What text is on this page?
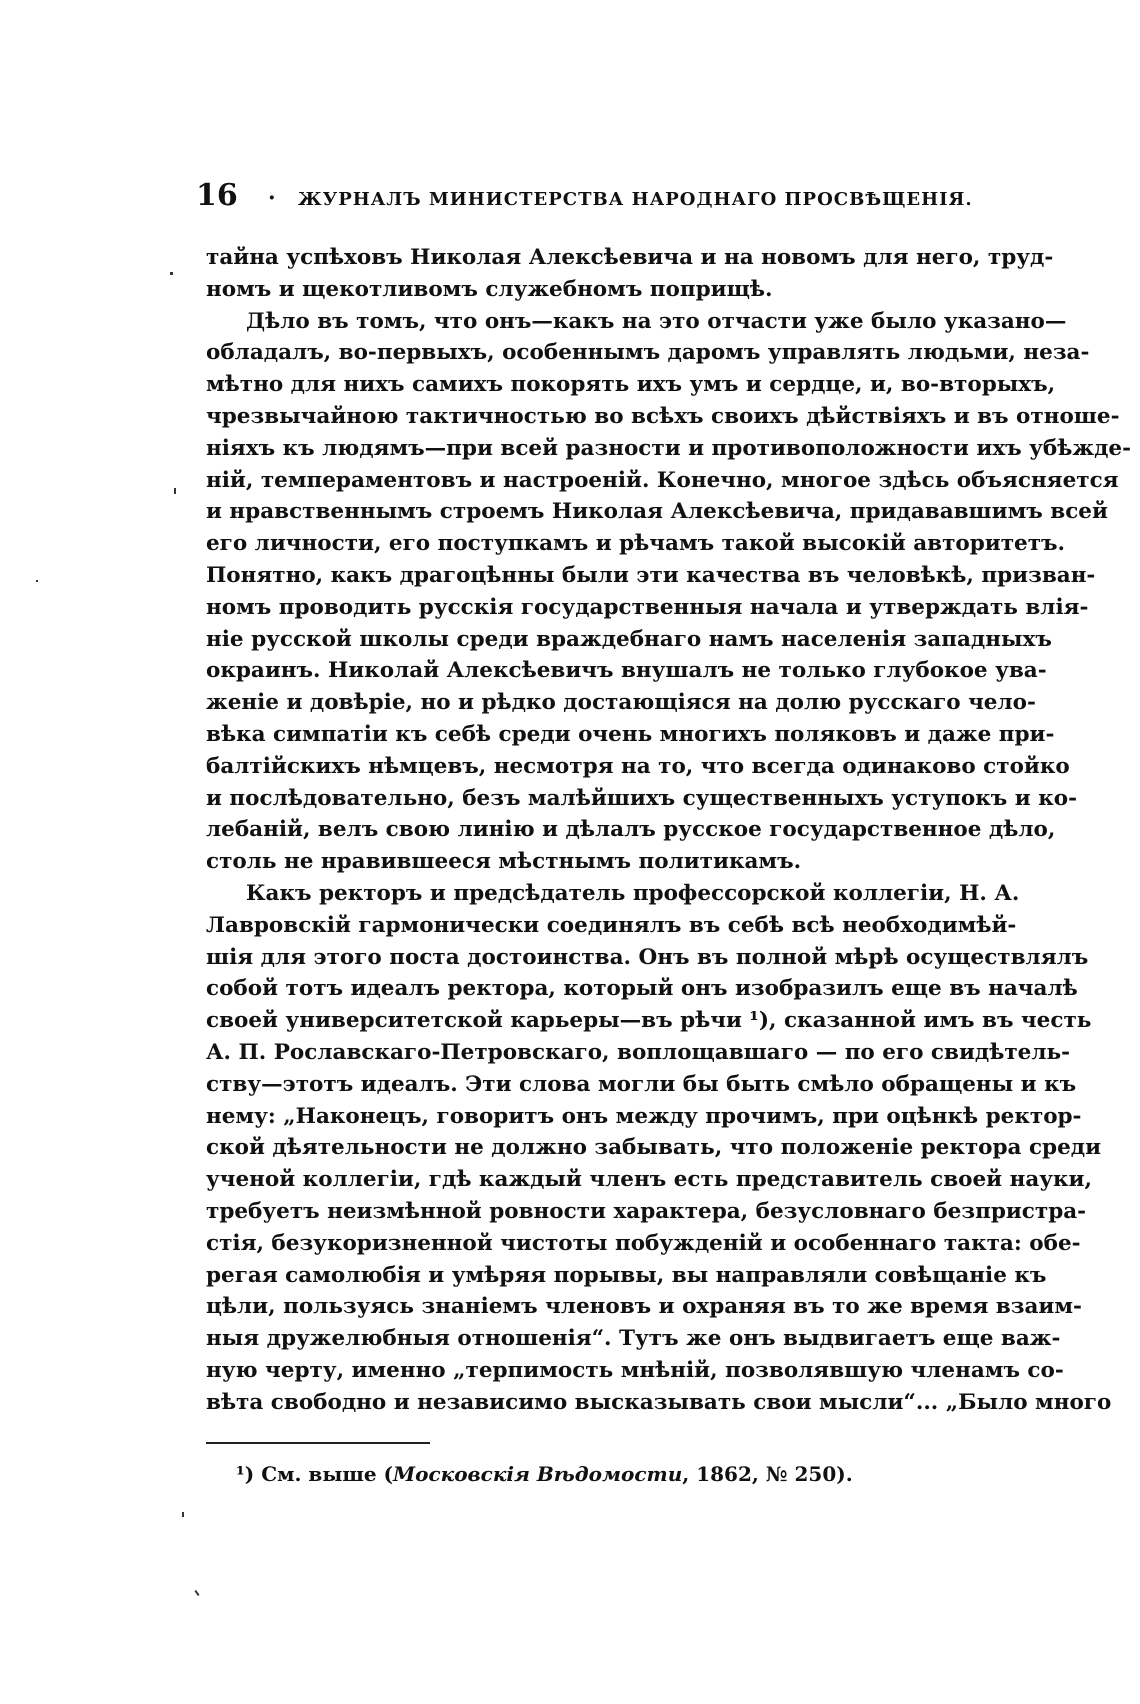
16	·	ЖУРНАЛЪ МИНИСТЕРСТВА НАРОДНАГО ПРОСВѢЩЕНІЯ.
тайна успѣховъ Николая Алексѣевича и на новомъ для него, труд-
номъ и щекотливомъ служебномъ поприщѣ.
Дѣло въ томъ, что онъ—какъ на это отчасти уже было указано—
обладалъ, во-первыхъ, особеннымъ даромъ управлять людьми, неза-
мѣтно для нихъ самихъ покорять ихъ умъ и сердце, и, во-вторыхъ,
чрезвычайною тактичностью во всѣхъ своихъ дѣйствіяхъ и въ отноше-
ніяхъ къ людямъ—при всей разности и противоположности ихъ убѣжде-
ній, темпераментовъ и настроеній. Конечно, многое здѣсь объясняется
и нравственнымъ строемъ Николая Алексѣевича, придававшимъ всей
его личности, его поступкамъ и рѣчамъ такой высокій авторитетъ.
Понятно, какъ драгоцѣнны были эти качества въ человѣкѣ, призван-
номъ проводить русскія государственныя начала и утверждать влія-
ніе русской школы среди враждебнаго намъ населенія западныхъ
окраинъ. Николай Алексѣевичъ внушалъ не только глубокое ува-
женіе и довѣріе, но и рѣдко достающіяся на долю русскаго чело-
вѣка симпатіи къ себѣ среди очень многихъ поляковъ и даже при-
балтійскихъ нѣмцевъ, несмотря на то, что всегда одинаково стойко
и послѣдовательно, безъ малѣйшихъ существенныхъ уступокъ и ко-
лебаній, велъ свою линію и дѣлалъ русское государственное дѣло,
столь не нравившееся мѣстнымъ политикамъ.
Какъ ректоръ и предсѣдатель профессорской коллегіи, Н. А.
Лавровскій гармонически соединялъ въ себѣ всѣ необходимѣй-
шія для этого поста достоинства. Онъ въ полной мѣрѣ осуществлялъ
собой тотъ идеалъ ректора, который онъ изобразилъ еще въ началѣ
своей университетской карьеры—въ рѣчи ¹), сказанной имъ въ честь
А. П. Рославскаго-Петровскаго, воплощавшаго — по его свидѣтель-
ству—этотъ идеалъ. Эти слова могли бы быть смѣло обращены и къ
нему: „Наконецъ, говоритъ онъ между прочимъ, при оцѣнкѣ ректор-
ской дѣятельности не должно забывать, что положеніе ректора среди
ученой коллегіи, гдѣ каждый членъ есть представитель своей науки,
требуетъ неизмѣнной ровности характера, безусловнаго безпристра-
стія, безукоризненной чистоты побужденій и особеннаго такта: обе-
регая самолюбія и умѣряя порывы, вы направляли совѣщаніе къ
цѣли, пользуясь знаніемъ членовъ и охраняя въ то же время взаим-
ныя дружелюбныя отношенія“. Тутъ же онъ выдвигаетъ еще важ-
ную черту, именно „терпимость мнѣній, позволявшую членамъ со-
вѣта свободно и независимо высказывать свои мысли“... „Было много
¹) См. выше (Московскія Вѣдомости, 1862, № 250).
